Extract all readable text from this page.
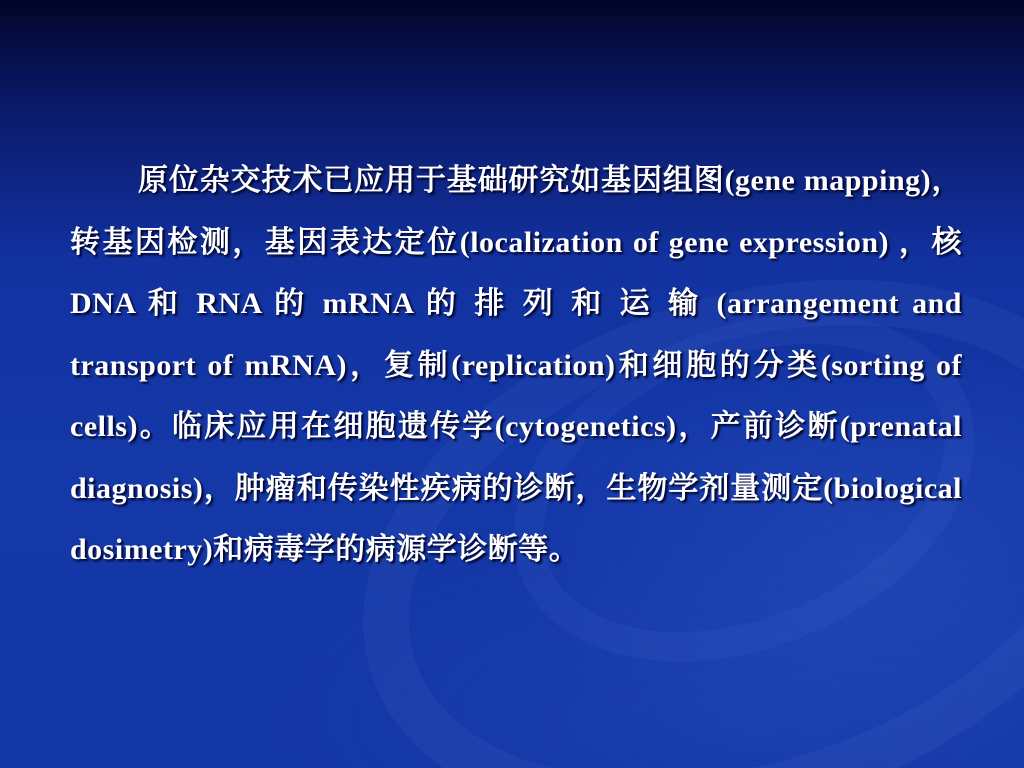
原位杂交技术已应用于基础研究如基因组图(gene mapping)，转基因检测，基因表达定位(localization of gene expression) ，核 DNA 和 RNA 的 mRNA 的 排 列 和 运 输 (arrangement and transport of mRNA)，复制(replication)和细胞的分类(sorting of cells)。临床应用在细胞遗传学(cytogenetics)，产前诊断(prenatal diagnosis)，肿瘤和传染性疾病的诊断，生物学剂量测定(biological dosimetry)和病毒学的病源学诊断等。
